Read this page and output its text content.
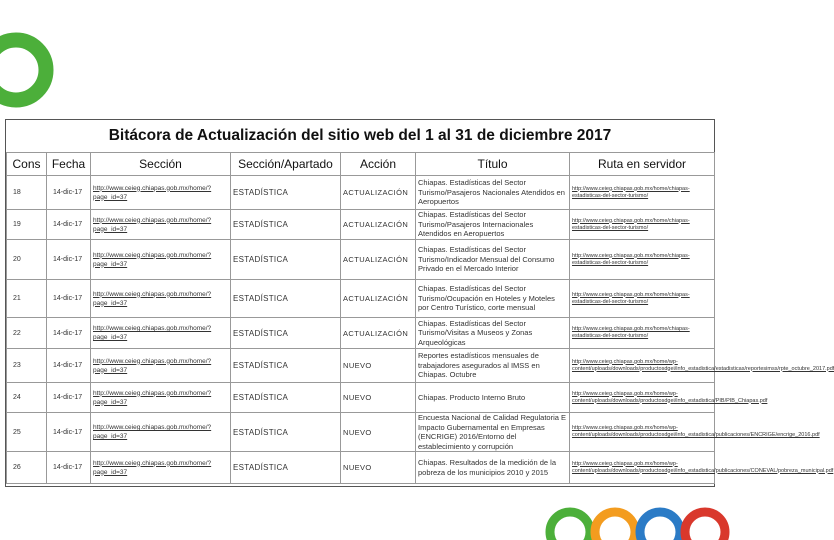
Bitácora de Actualización del sitio web del 1 al 31 de diciembre 2017
Cons	Fecha	Sección	Sección/Apartado	Acción	Título	Ruta en servidor
18	14-dic-17	http://www.ceieg.chiapas.gob.mx/home/?page_id=37	ESTADÍSTICA	ACTUALIZACIÓN	Chiapas. Estadísticas del Sector Turismo/Pasajeros Nacionales Atendidos en Aeropuertos	http://www.ceieg.chiapas.gob.mx/home/chiapas-estadisticas-del-sector-turismo/
19	14-dic-17	http://www.ceieg.chiapas.gob.mx/home/?page_id=37	ESTADÍSTICA	ACTUALIZACIÓN	Chiapas. Estadísticas del Sector Turismo/Pasajeros Internacionales Atendidos en Aeropuertos	http://www.ceieg.chiapas.gob.mx/home/chiapas-estadisticas-del-sector-turismo/
20	14-dic-17	http://www.ceieg.chiapas.gob.mx/home/?page_id=37	ESTADÍSTICA	ACTUALIZACIÓN	Chiapas. Estadísticas del Sector Turismo/Indicador Mensual del Consumo Privado en el Mercado Interior	http://www.ceieg.chiapas.gob.mx/home/chiapas-estadisticas-del-sector-turismo/
21	14-dic-17	http://www.ceieg.chiapas.gob.mx/home/?page_id=37	ESTADÍSTICA	ACTUALIZACIÓN	Chiapas. Estadísticas del Sector Turismo/Ocupación en Hoteles y Moteles por Centro Turístico, corte mensual	http://www.ceieg.chiapas.gob.mx/home/chiapas-estadisticas-del-sector-turismo/
22	14-dic-17	http://www.ceieg.chiapas.gob.mx/home/?page_id=37	ESTADÍSTICA	ACTUALIZACIÓN	Chiapas. Estadísticas del Sector Turismo/Visitas a Museos y Zonas Arqueológicas	http://www.ceieg.chiapas.gob.mx/home/chiapas-estadisticas-del-sector-turismo/
23	14-dic-17	http://www.ceieg.chiapas.gob.mx/home/?page_id=37	ESTADÍSTICA	NUEVO	Reportes estadísticos mensuales de trabajadores asegurados al IMSS en Chiapas. Octubre	http://www.ceieg.chiapas.gob.mx/home/wp-content/uploads/downloads/productosdgei/info_estadistica/estadisticas/reportesimss/rpte_octubre_2017.pdf
24	14-dic-17	http://www.ceieg.chiapas.gob.mx/home/?page_id=37	ESTADÍSTICA	NUEVO	Chiapas. Producto Interno Bruto	http://www.ceieg.chiapas.gob.mx/home/wp-content/uploads/downloads/productosdgei/info_estadistica/PIB/PIB_Chiapas.pdf
25	14-dic-17	http://www.ceieg.chiapas.gob.mx/home/?page_id=37	ESTADÍSTICA	NUEVO	Encuesta Nacional de Calidad Regulatoria E Impacto Gubernamental en Empresas (ENCRIGE) 2016/Entorno del establecimiento y corrupción	http://www.ceieg.chiapas.gob.mx/home/wp-content/uploads/downloads/productosdgei/info_estadistica/publicaciones/ENCRIGE/encrige_2016.pdf
26	14-dic-17	http://www.ceieg.chiapas.gob.mx/home/?page_id=37	ESTADÍSTICA	NUEVO	Chiapas. Resultados de la medición de la pobreza de los municipios 2010 y 2015	http://www.ceieg.chiapas.gob.mx/home/wp-content/uploads/downloads/productosdgei/info_estadistica/publicaciones/CONEVAL/pobreza_municipal.pdf
